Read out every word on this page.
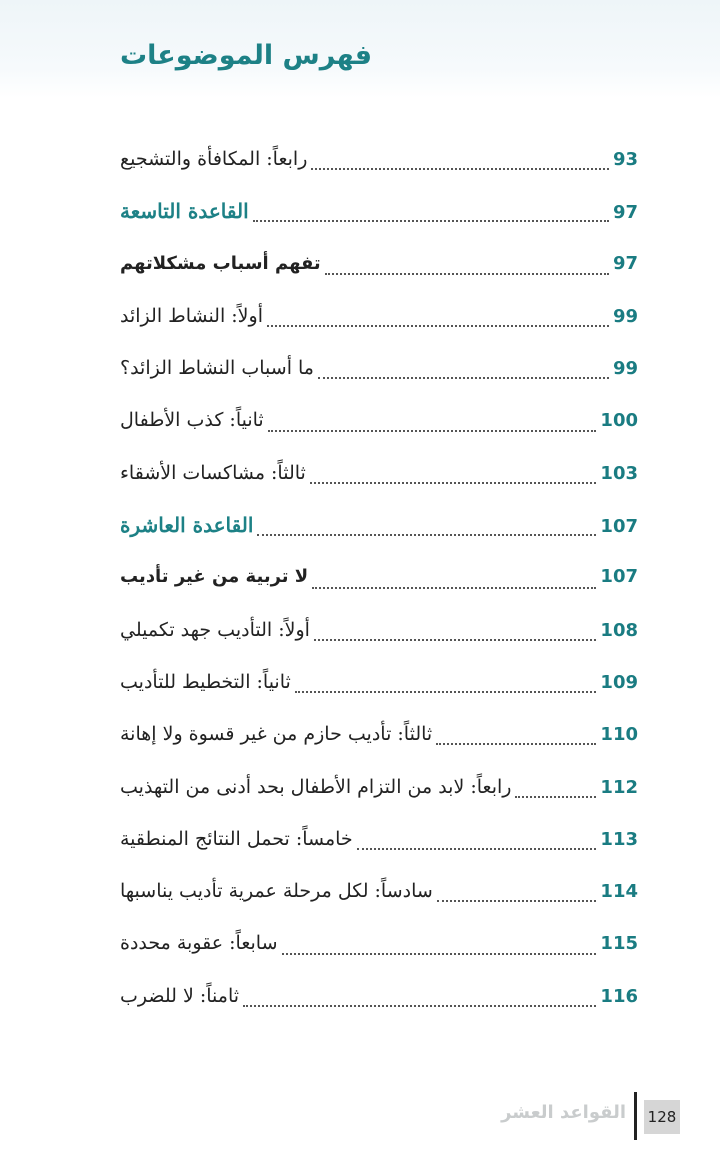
فهرس الموضوعات
رابعاً: المكافأة والتشجيع	93
القاعدة التاسعة	97
تفهم أسباب مشكلاتهم	97
أولاً: النشاط الزائد	99
ما أسباب النشاط الزائد؟	99
ثانياً: كذب الأطفال	100
ثالثاً: مشاكسات الأشقاء	103
القاعدة العاشرة	107
لا تربية من غير تأديب	107
أولاً: التأديب جهد تكميلي	108
ثانياً: التخطيط للتأديب	109
ثالثاً: تأديب حازم من غير قسوة ولا إهانة	110
رابعاً: لابد من التزام الأطفال بحد أدنى من التهذيب	112
خامساً: تحمل النتائج المنطقية	113
سادساً: لكل مرحلة عمرية تأديب يناسبها	114
سابعاً: عقوبة محددة	115
ثامناً: لا للضرب	116
القواعد العشر 128
